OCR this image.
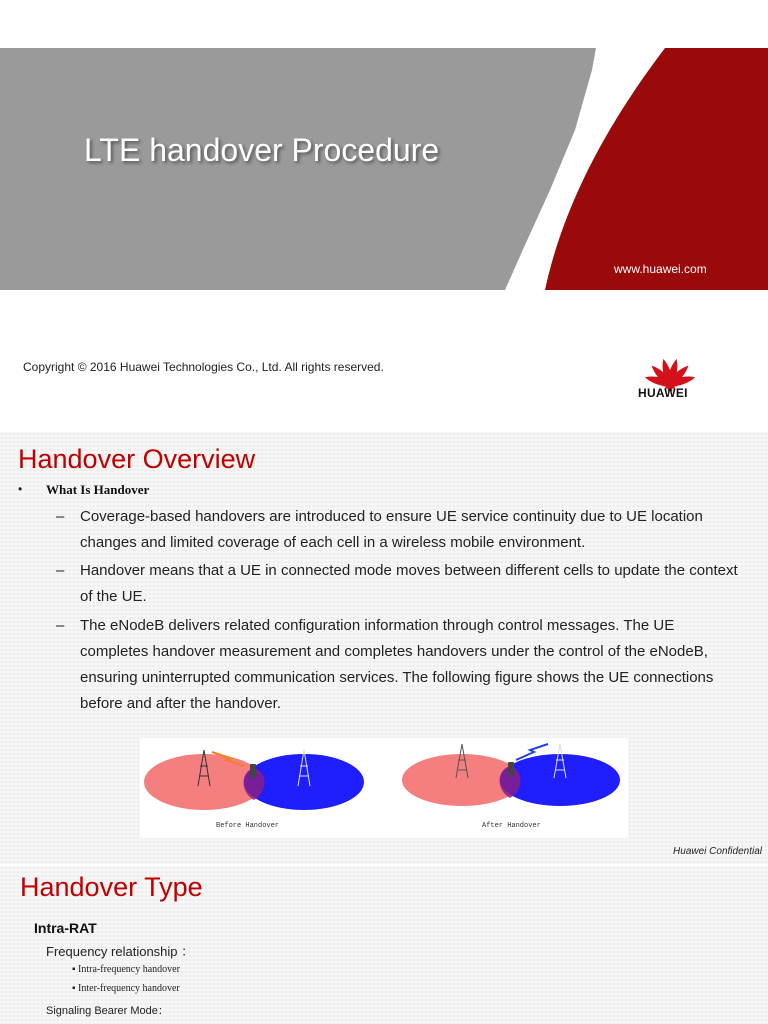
LTE handover Procedure
www.huawei.com
Copyright © 2016 Huawei Technologies Co., Ltd. All rights reserved.
HUAWEI
Handover Overview
• What Is Handover
– Coverage-based handovers are introduced to ensure UE service continuity due to UE location changes and limited coverage of each cell in a wireless mobile environment.
– Handover means that a UE in connected mode moves between different cells to update the context of the UE.
– The eNodeB delivers related configuration information through control messages. The UE completes handover measurement and completes handovers under the control of the eNodeB, ensuring uninterrupted communication services. The following figure shows the UE connections before and after the handover.
Before Handover	After Handover
Huawei Confidential
Handover Type
Intra-RAT
Frequency relationship ：
▪ Intra-frequency handover
▪ Inter-frequency handover
Signaling Bearer Mode：
